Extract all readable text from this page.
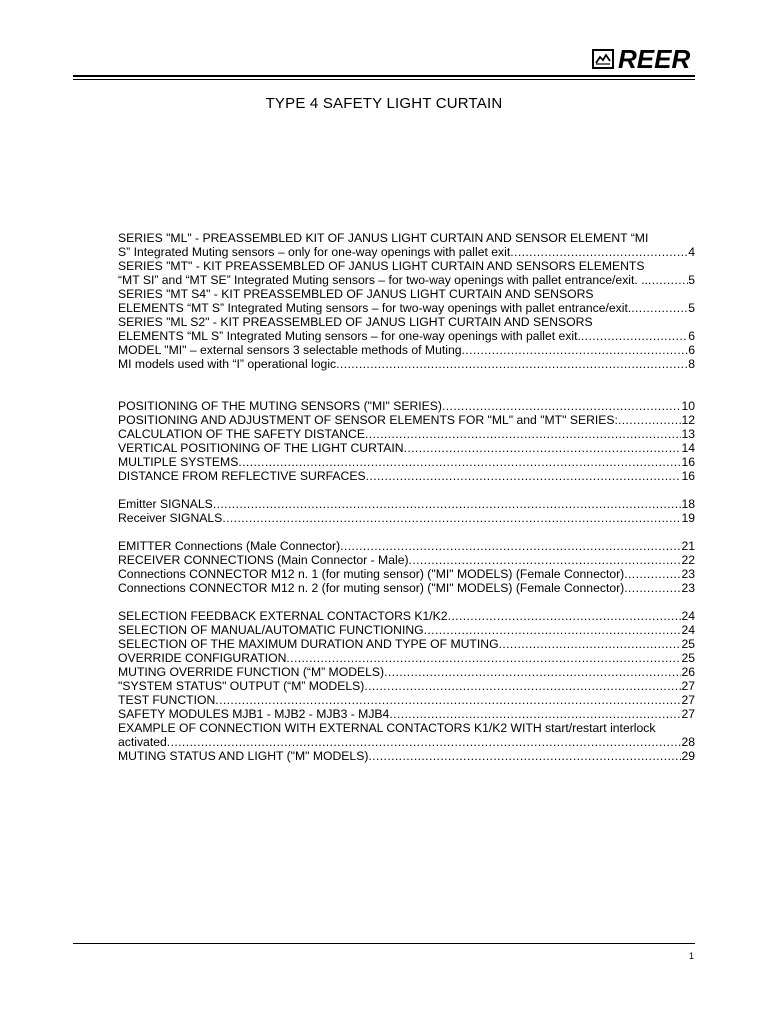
REER
TYPE 4 SAFETY LIGHT CURTAIN
SERIES "ML" - PREASSEMBLED KIT OF JANUS LIGHT CURTAIN AND SENSOR ELEMENT “MI
S” Integrated Muting sensors – only for one-way openings with pallet exit .....	4
SERIES "MT" - KIT PREASSEMBLED OF JANUS LIGHT CURTAIN AND SENSORS ELEMENTS
“MT SI” and “MT SE” Integrated Muting sensors – for two-way openings with pallet entrance/exit. .. .....	5
SERIES "MT S4" - KIT PREASSEMBLED OF JANUS LIGHT CURTAIN AND SENSORS
ELEMENTS “MT S” Integrated Muting sensors – for two-way openings with pallet entrance/exit. .....	5
SERIES "ML S2" - KIT PREASSEMBLED OF JANUS LIGHT CURTAIN AND SENSORS
ELEMENTS “ML S” Integrated Muting sensors – for one-way openings with pallet exit. .....	6
MODEL "MI" – external sensors 3 selectable methods of Muting .....	6
MI models used with “I” operational logic .....	8
POSITIONING OF THE MUTING SENSORS ("MI" SERIES) .....	10
POSITIONING AND ADJUSTMENT OF SENSOR ELEMENTS FOR "ML" and "MT" SERIES: .....	12
CALCULATION OF THE SAFETY DISTANCE .....	13
VERTICAL POSITIONING OF THE LIGHT CURTAIN .....	14
MULTIPLE SYSTEMS .....	16
DISTANCE FROM REFLECTIVE SURFACES .....	16
Emitter SIGNALS .....	18
Receiver SIGNALS .....	19
EMITTER Connections (Male Connector) .....	21
RECEIVER CONNECTIONS (Main Connector - Male) .....	22
Connections CONNECTOR M12 n. 1 (for muting sensor) ("MI" MODELS) (Female Connector) .....	23
Connections CONNECTOR M12 n. 2 (for muting sensor) ("MI" MODELS) (Female Connector) .....	23
SELECTION FEEDBACK EXTERNAL CONTACTORS K1/K2 .....	24
SELECTION OF MANUAL/AUTOMATIC FUNCTIONING .....	24
SELECTION OF THE MAXIMUM DURATION AND TYPE OF MUTING .....	25
OVERRIDE CONFIGURATION .....	25
MUTING OVERRIDE FUNCTION (“M” MODELS) .....	26
"SYSTEM STATUS" OUTPUT (“M” MODELS) .....	27
TEST FUNCTION .....	27
SAFETY MODULES MJB1 - MJB2 - MJB3 - MJB4 .....	27
EXAMPLE OF CONNECTION WITH EXTERNAL CONTACTORS K1/K2 WITH start/restart interlock
activated .....	28
MUTING STATUS AND LIGHT ("M" MODELS) .....	29
1
